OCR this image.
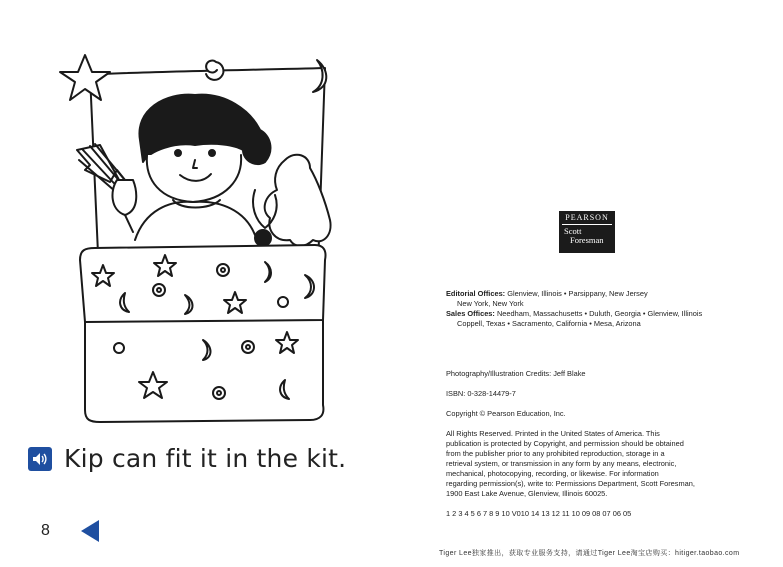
Kip can fit it in the kit.
8
PEARSON
Scott
Foresman

Editorial Offices: Glenview, Illinois • Parsippany, New Jersey

New York, New York

Sales Offices: Needham, Massachusetts • Duluth, Georgia • Glenview, Illinois

Coppell, Texas • Sacramento, California • Mesa, Arizona

Photography/Illustration Credits: Jeff Blake

ISBN: 0-328-14479-7

Copyright © Pearson Education, Inc.

All Rights Reserved. Printed in the United States of America. This

publication is protected by Copyright, and permission should be obtained

from the publisher prior to any prohibited reproduction, storage in a

retrieval system, or transmission in any form by any means, electronic,

mechanical, photocopying, recording, or likewise. For information

regarding permission(s), write to: Permissions Department, Scott Foresman,

1900 East Lake Avenue, Glenview, Illinois 60025.

1 2 3 4 5 6 7 8 9 10 V010 14 13 12 11 10 09 08 07 06 05

Tiger Lee独家推出，获取专业服务支持，请通过Tiger Lee淘宝店购买：hitiger.taobao.com
